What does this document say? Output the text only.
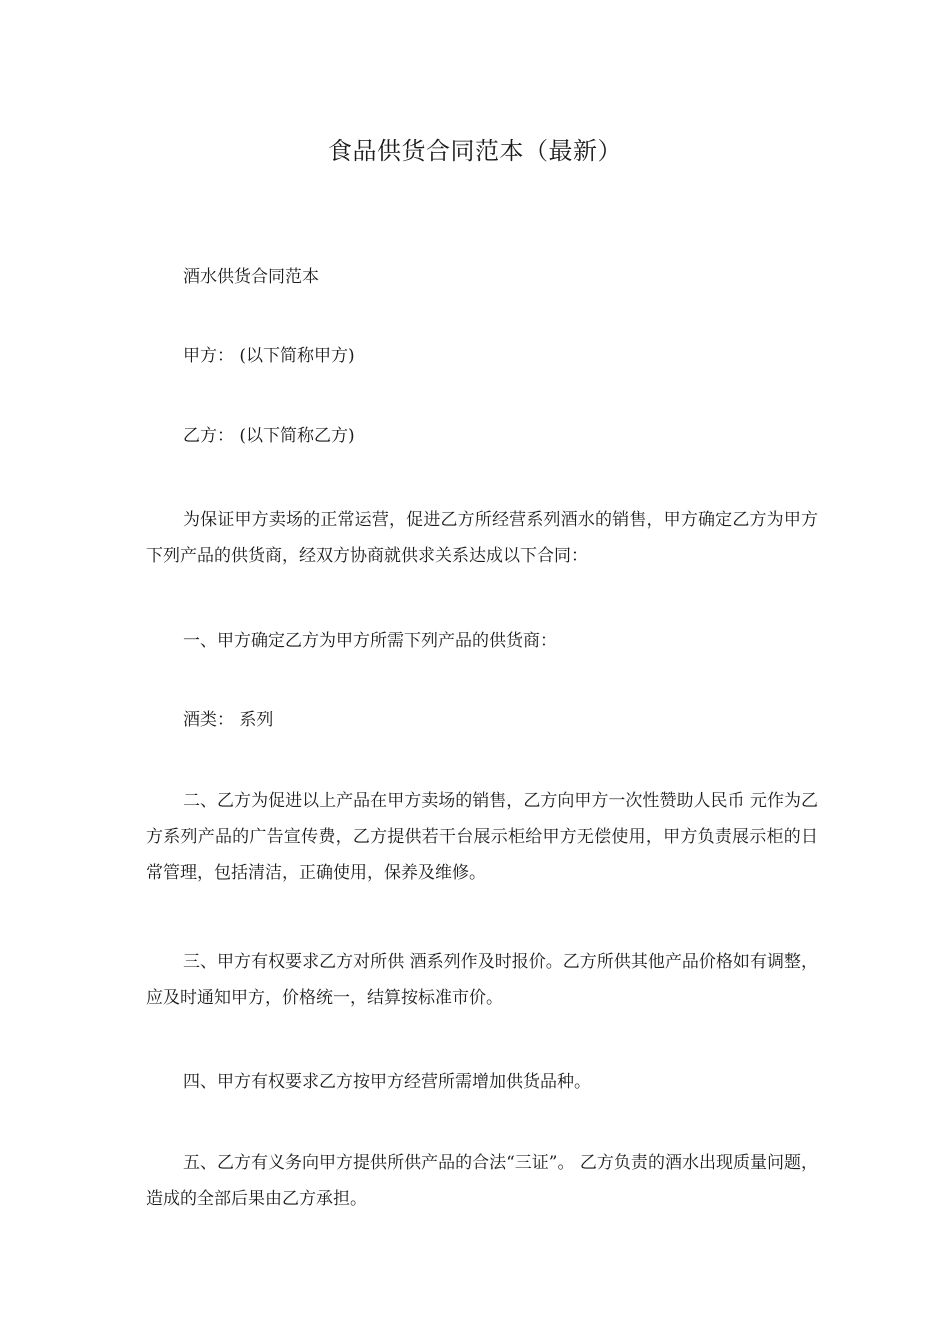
食品供货合同范本（最新）

酒水供货合同范本

甲方： (以下简称甲方)

乙方： (以下简称乙方)

为保证甲方卖场的正常运营，促进乙方所经营系列酒水的销售，甲方确定乙方为甲方下列产品的供货商，经双方协商就供求关系达成以下合同：

一、甲方确定乙方为甲方所需下列产品的供货商：

酒类： 系列

二、乙方为促进以上产品在甲方卖场的销售，乙方向甲方一次性赞助人民币 元作为乙方系列产品的广告宣传费，乙方提供若干台展示柜给甲方无偿使用，甲方负责展示柜的日常管理，包括清洁，正确使用，保养及维修。

三、甲方有权要求乙方对所供 酒系列作及时报价。乙方所供其他产品价格如有调整，应及时通知甲方，价格统一，结算按标准市价。

四、甲方有权要求乙方按甲方经营所需增加供货品种。

五、乙方有义务向甲方提供所供产品的合法“三证”。 乙方负责的酒水出现质量问题，造成的全部后果由乙方承担。
